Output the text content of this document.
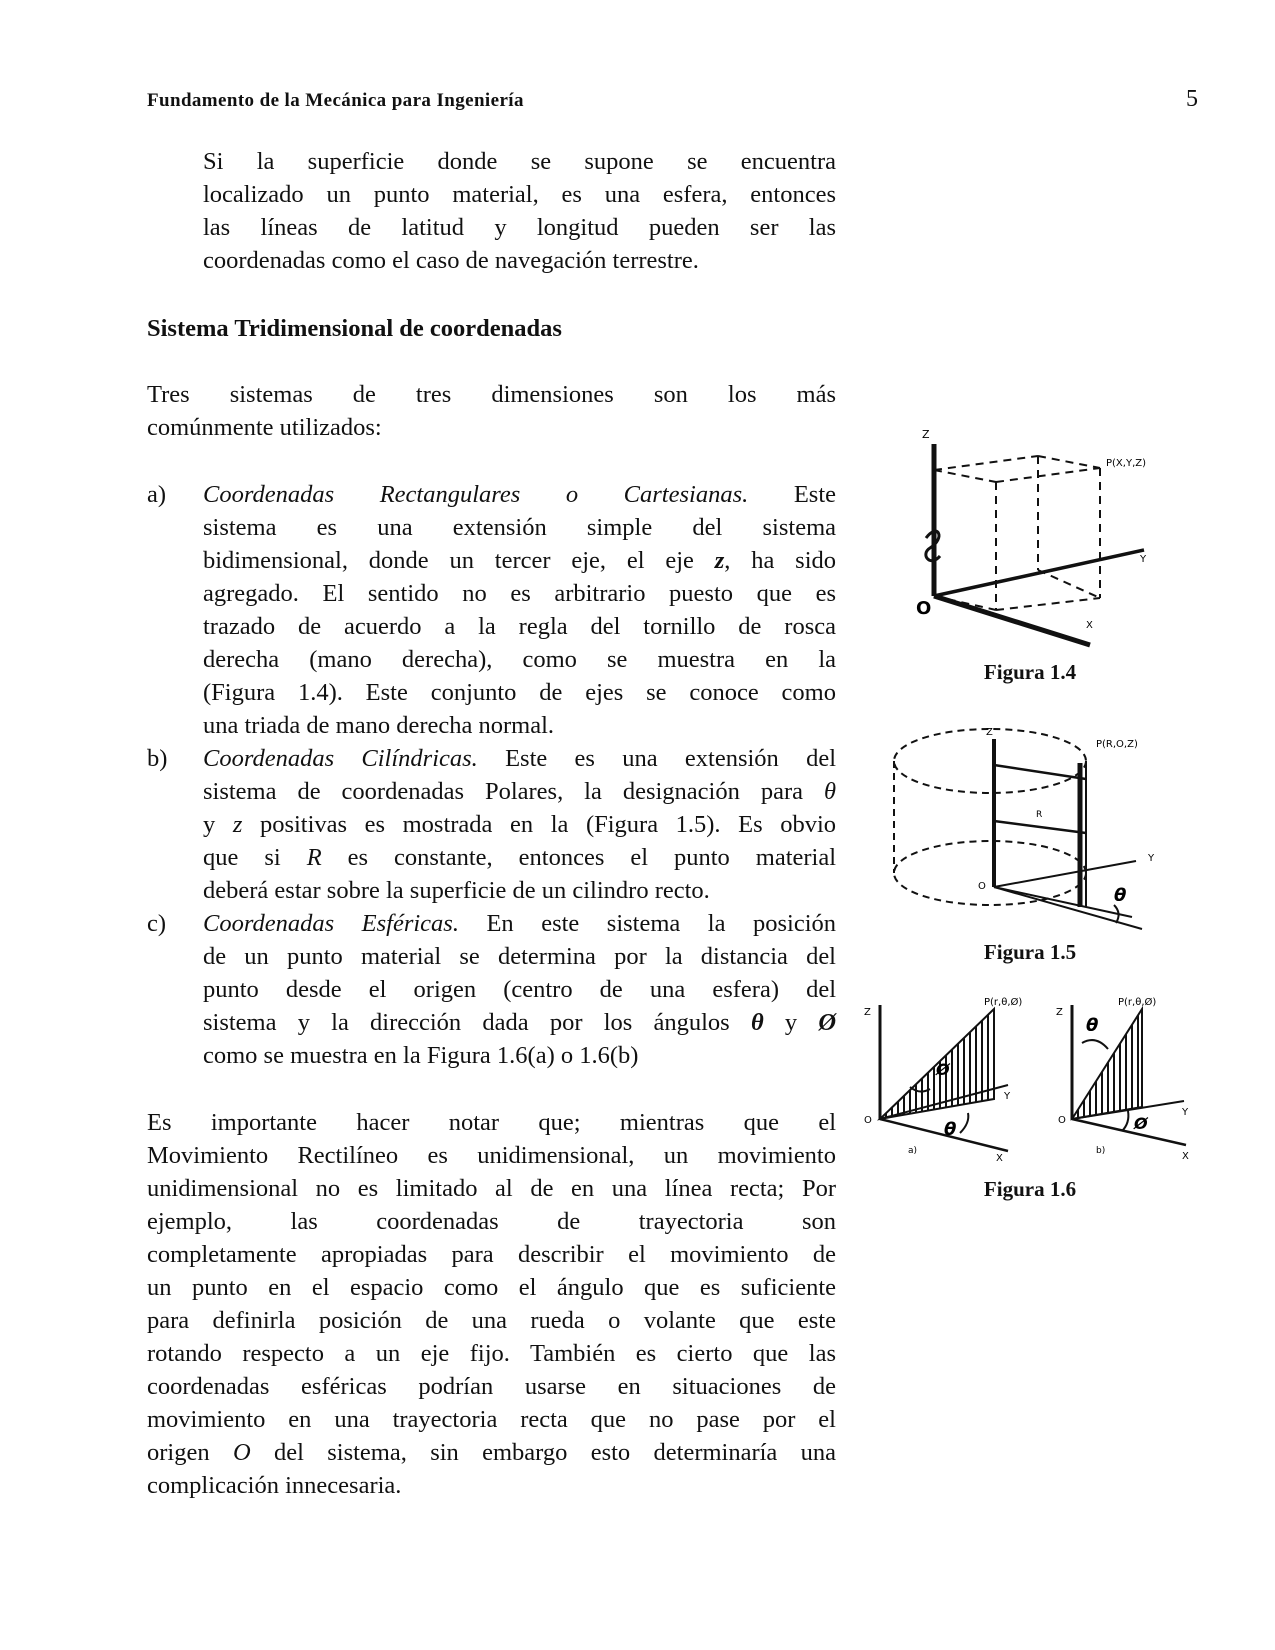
Fundamento de la Mecánica para Ingeniería	5
Si la superficie donde se supone se encuentra
localizado un punto material, es una esfera, entonces
las líneas de latitud y longitud pueden ser las
coordenadas como el caso de navegación terrestre.
Sistema Tridimensional de coordenadas
Tres sistemas de tres dimensiones son los más
comúnmente utilizados:
a) Coordenadas Rectangulares o Cartesianas. Este
sistema es una extensión simple del sistema
bidimensional, donde un tercer eje, el eje z, ha sido
agregado. El sentido no es arbitrario puesto que es
trazado de acuerdo a la regla del tornillo de rosca
derecha (mano derecha), como se muestra en la
(Figura 1.4). Este conjunto de ejes se conoce como
una triada de mano derecha normal.
b) Coordenadas Cilíndricas. Este es una extensión del
sistema de coordenadas Polares, la designación para θ
y z positivas es mostrada en la (Figura 1.5). Es obvio
que si R es constante, entonces el punto material
deberá estar sobre la superficie de un cilindro recto.
c) Coordenadas Esféricas. En este sistema la posición
de un punto material se determina por la distancia del
punto desde el origen (centro de una esfera) del
sistema y la dirección dada por los ángulos θ y Ø
como se muestra en la Figura 1.6(a) o 1.6(b)
Es importante hacer notar que; mientras que el
Movimiento Rectilíneo es unidimensional, un movimiento
unidimensional no es limitado al de en una línea recta; Por
ejemplo, las coordenadas de trayectoria son
completamente apropiadas para describir el movimiento de
un punto en el espacio como el ángulo que es suficiente
para definirla posición de una rueda o volante que este
rotando respecto a un eje fijo. También es cierto que las
coordenadas esféricas podrían usarse en situaciones de
movimiento en una trayectoria recta que no pase por el
origen O del sistema, sin embargo esto determinaría una
complicación innecesaria.
Z
P(X,Y,Z)
Y
X
O
Figura 1.4
Z
P(R,O,Z)
R
Y
O	θ
Figura 1.5
Z
P(r,θ,Ø)
Y
O	θ
Ø
a)
X
Z
P(r,θ,Ø)
Y
O
θ
Ø
b)	X
Figura 1.6
